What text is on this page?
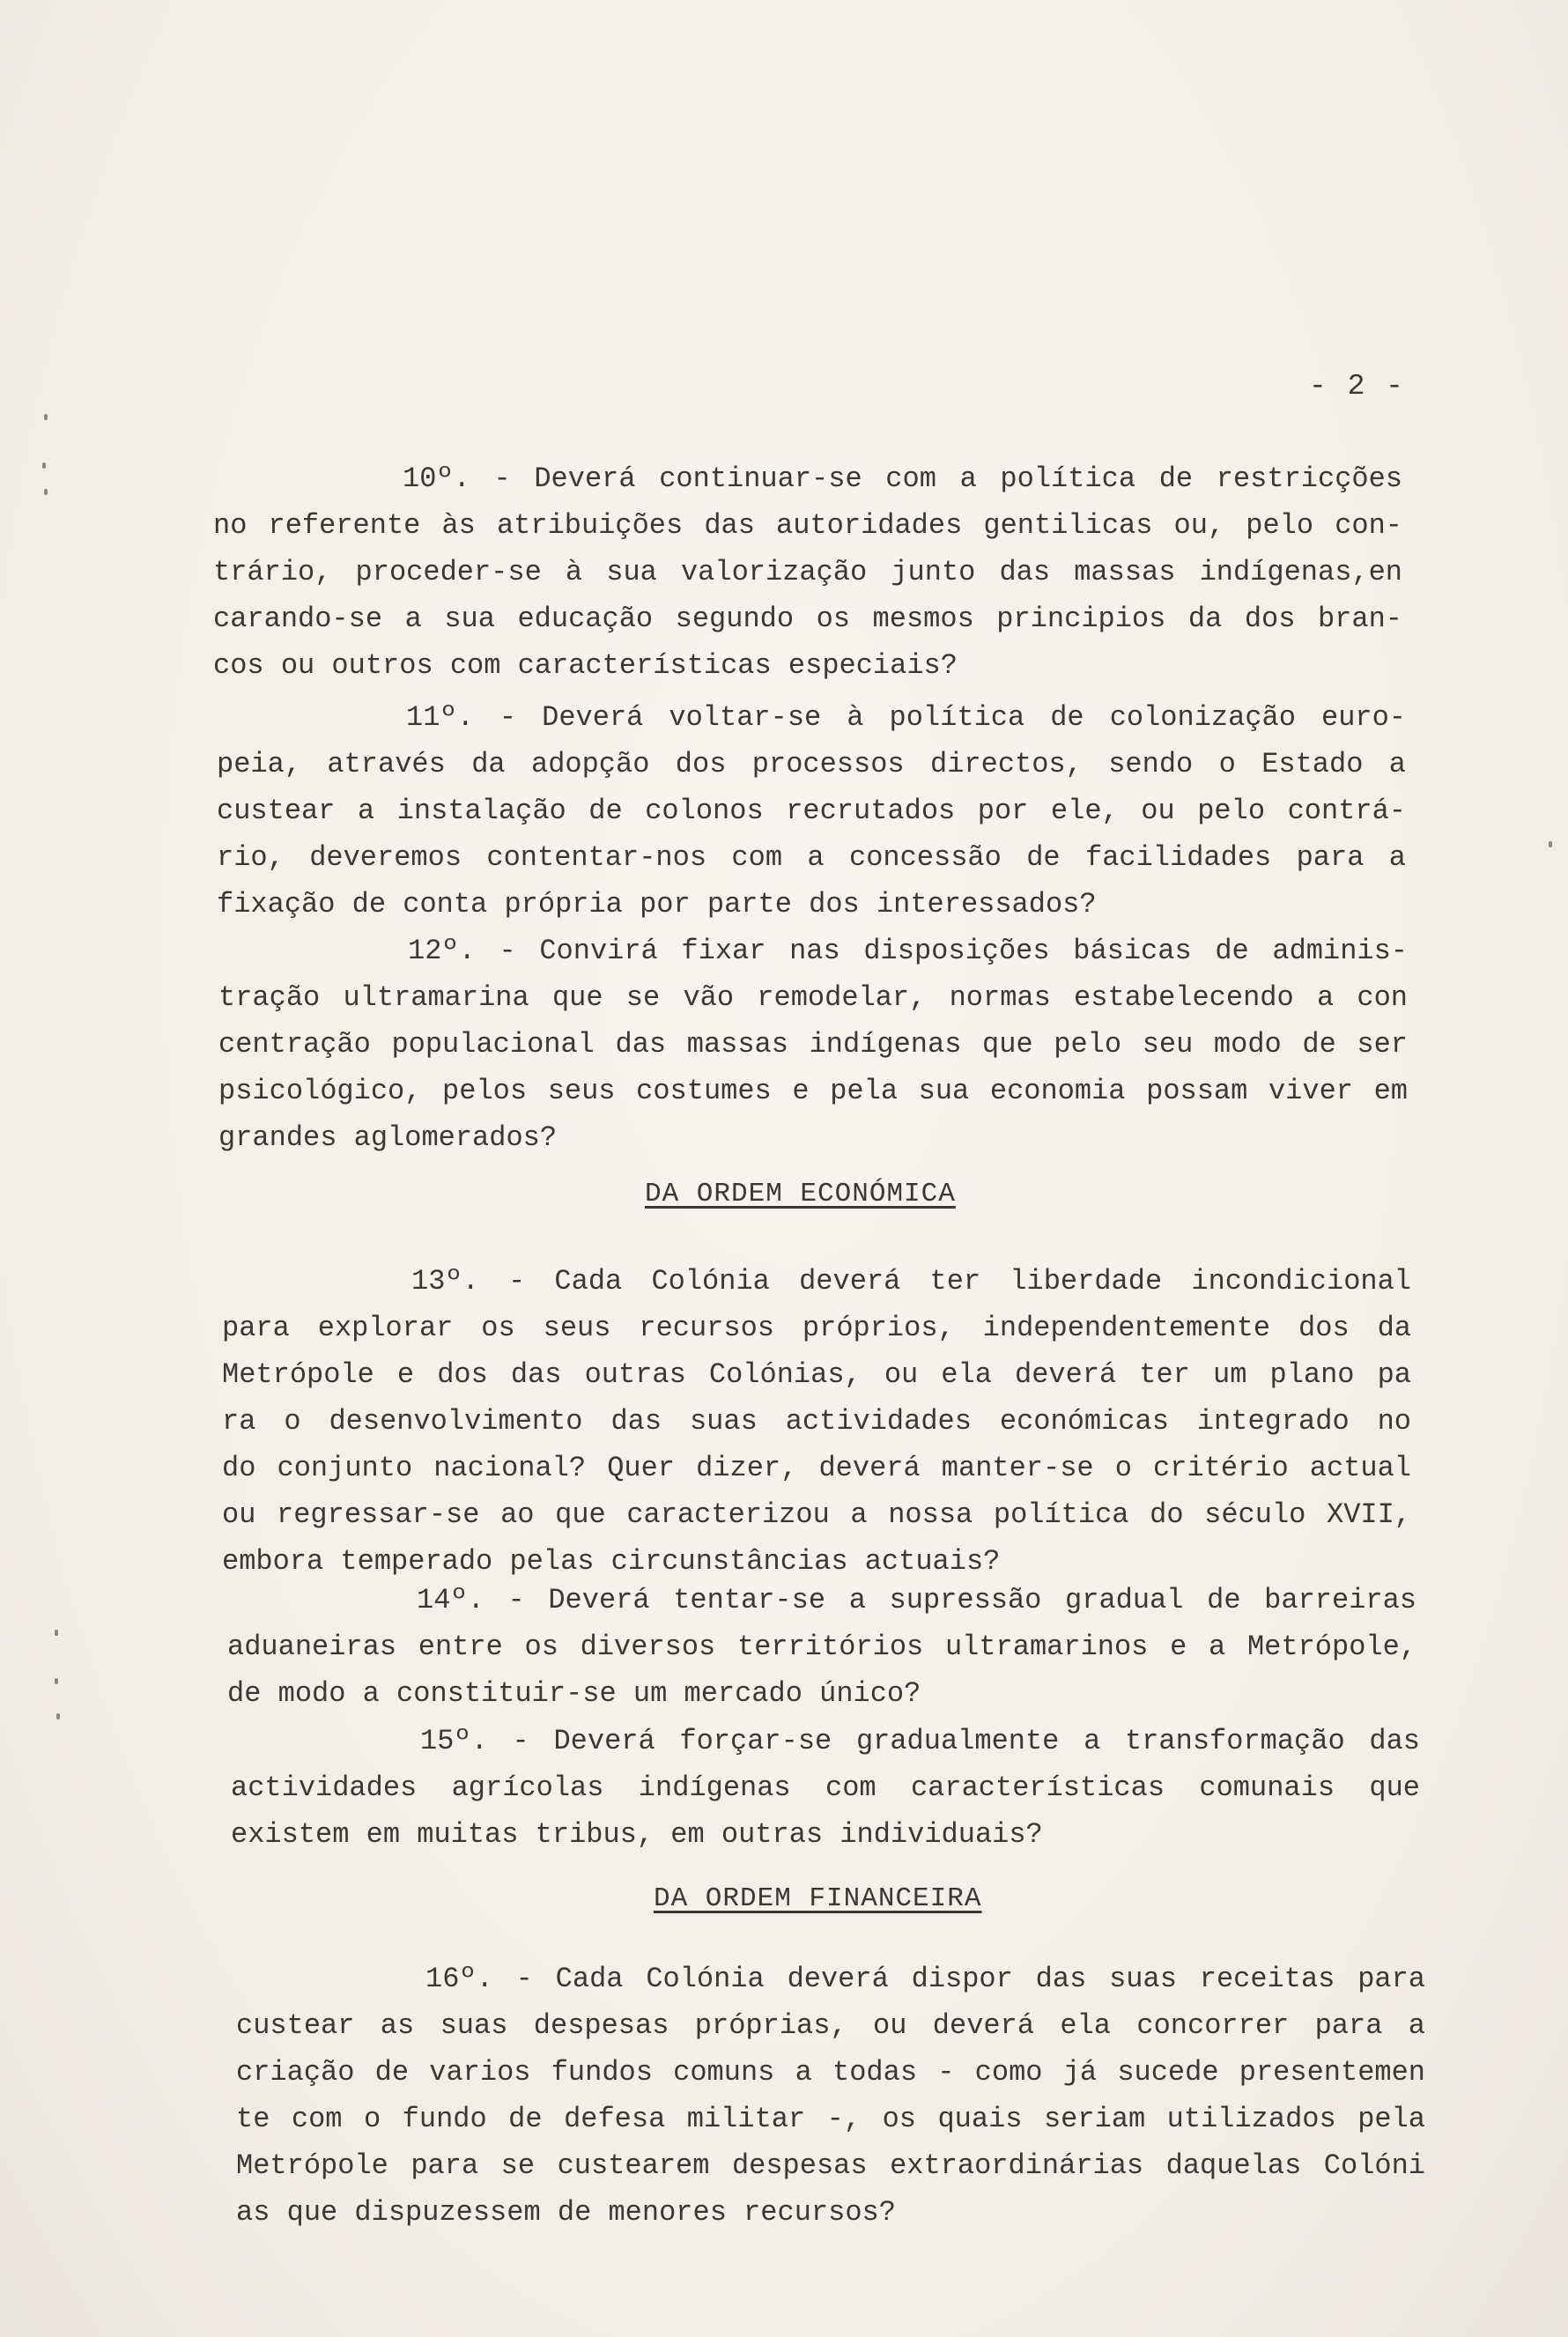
- 2 -
10º. - Deverá continuar-se com a política de restricções
no referente às atribuições das autoridades gentilicas ou, pelo con-
trário, proceder-se à sua valorização junto das massas indígenas,en
carando-se a sua educação segundo os mesmos principios da dos bran-
cos ou outros com características especiais?
11º. - Deverá voltar-se à política de colonização euro-
peia, através da adopção dos processos directos, sendo o Estado a
custear a instalação de colonos recrutados por ele, ou pelo contrá-
rio, deveremos contentar-nos com a concessão de facilidades para a
fixação de conta própria por parte dos interessados?
12º. - Convirá fixar nas disposições básicas de adminis-
tração ultramarina que se vão remodelar, normas estabelecendo a con
centração populacional das massas indígenas que pelo seu modo de ser
psicológico, pelos seus costumes e pela sua economia possam viver em
grandes aglomerados?
DA ORDEM ECONÓMICA
13º. - Cada Colónia deverá ter liberdade incondicional
para explorar os seus recursos próprios, independentemente dos da
Metrópole e dos das outras Colónias, ou ela deverá ter um plano pa
ra o desenvolvimento das suas actividades económicas integrado no
do conjunto nacional? Quer dizer, deverá manter-se o critério actual
ou regressar-se ao que caracterizou a nossa política do século XVII,
embora temperado pelas circunstâncias actuais?
14º. - Deverá tentar-se a supressão gradual de barreiras
aduaneiras entre os diversos territórios ultramarinos e a Metrópole,
de modo a constituir-se um mercado único?
15º. - Deverá forçar-se gradualmente a transformação das
actividades agrícolas indígenas com características comunais que
existem em muitas tribus, em outras individuais?
DA ORDEM FINANCEIRA
16º. - Cada Colónia deverá dispor das suas receitas para
custear as suas despesas próprias, ou deverá ela concorrer para a
criação de varios fundos comuns a todas - como já sucede presentemen
te com o fundo de defesa militar -, os quais seriam utilizados pela
Metrópole para se custearem despesas extraordinárias daquelas Colóni
as que dispuzessem de menores recursos?
